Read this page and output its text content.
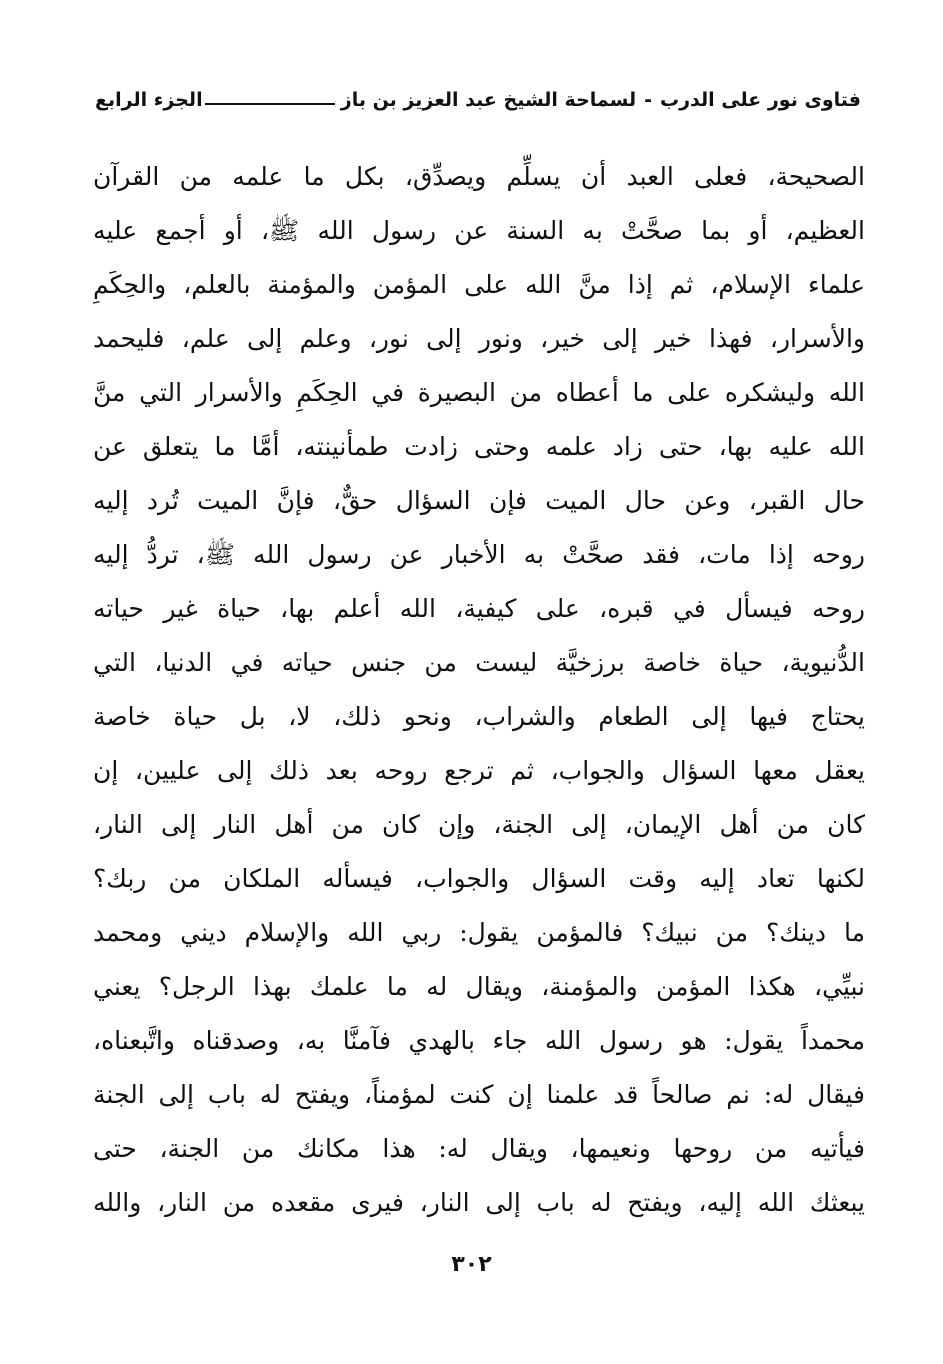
فتاوى نور على الدرب
-
لسماحة الشيخ عبد العزيز بن باز
الجزء الرابع
الصحيحة، فعلى العبد أن يسلِّم ويصدِّق، بكل ما علمه من القرآن
العظيم، أو بما صحَّتْ به السنة عن رسول الله ﷺ، أو أجمع عليه
علماء الإسلام، ثم إذا منَّ الله على المؤمن والمؤمنة بالعلم، والحِكَمِ
والأسرار، فهذا خير إلى خير، ونور إلى نور، وعلم إلى علم، فليحمد
الله وليشكره على ما أعطاه من البصيرة في الحِكَمِ والأسرار التي منَّ
الله عليه بها، حتى زاد علمه وحتى زادت طمأنينته، أمَّا ما يتعلق عن
حال القبر، وعن حال الميت فإن السؤال حقٌّ، فإنَّ الميت تُرد إليه
روحه إذا مات، فقد صحَّتْ به الأخبار عن رسول الله ﷺ، تردُّ إليه
روحه فيسأل في قبره، على كيفية، الله أعلم بها، حياة غير حياته
الدُّنيوية، حياة خاصة برزخيَّة ليست من جنس حياته في الدنيا، التي
يحتاج فيها إلى الطعام والشراب، ونحو ذلك، لا، بل حياة خاصة
يعقل معها السؤال والجواب، ثم ترجع روحه بعد ذلك إلى عليين، إن
كان من أهل الإيمان، إلى الجنة، وإن كان من أهل النار إلى النار،
لكنها تعاد إليه وقت السؤال والجواب، فيسأله الملكان من ربك؟
ما دينك؟ من نبيك؟ فالمؤمن يقول: ربي الله والإسلام ديني ومحمد
نبيِّي، هكذا المؤمن والمؤمنة، ويقال له ما علمك بهذا الرجل؟ يعني
محمداً يقول: هو رسول الله جاء بالهدي فآمنَّا به، وصدقناه واتَّبعناه،
فيقال له: نم صالحاً قد علمنا إن كنت لمؤمناً، ويفتح له باب إلى الجنة
فيأتيه من روحها ونعيمها، ويقال له: هذا مكانك من الجنة، حتى
يبعثك الله إليه، ويفتح له باب إلى النار، فيرى مقعده من النار، والله
٣٠٢
